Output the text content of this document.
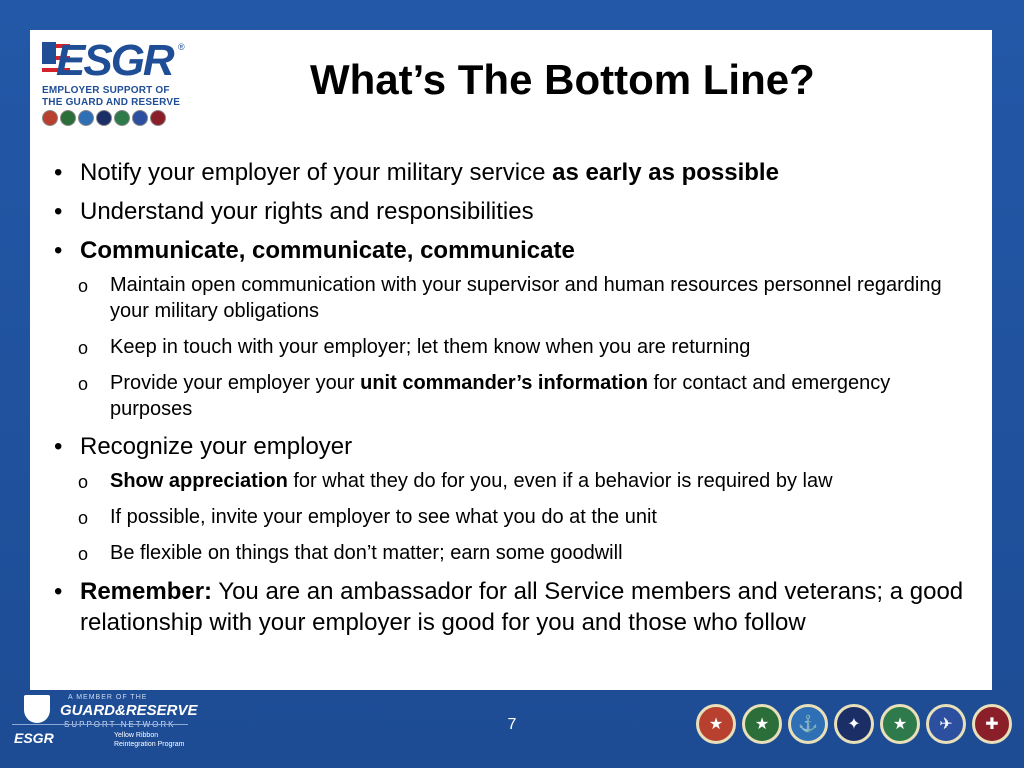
ESGR ®
EMPLOYER SUPPORT OF
THE GUARD AND RESERVE	What’s The Bottom Line?
• Notify your employer of your military service as early as possible
• Understand your rights and responsibilities
• Communicate, communicate, communicate
o	Maintain open communication with your supervisor and human resources personnel regarding your military obligations
o	Keep in touch with your employer; let them know when you are returning
o	Provide your employer your unit commander’s information for contact and emergency purposes
• Recognize your employer
o	Show appreciation for what they do for you, even if a behavior is required by law
o	If possible, invite your employer to see what you do at the unit
o	Be flexible on things that don’t matter; earn some goodwill
• Remember: You are an ambassador for all Service members and veterans; a good relationship with your employer is good for you and those who follow
A MEMBER OF THE
GUARD&RESERVE
ESGR	Yellow Ribbon
Reintegration Program
7	★	★	⚓	✦	★	✈	✚
